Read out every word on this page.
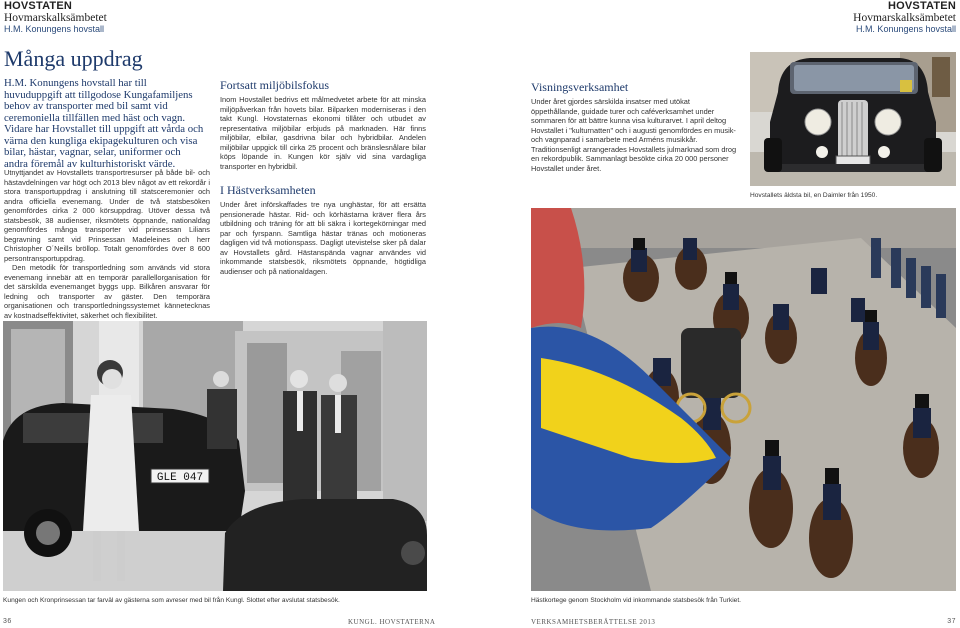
HOVSTATEN
Hovmarskalksämbetet
H.M. Konungens hovstall
HOVSTATEN
Hovmarskalksämbetet
H.M. Konungens hovstall
Många uppdrag
H.M. Konungens hovstall har till huvuduppgift att tillgodose Kungafamiljens behov av transporter med bil samt vid ceremoniella tillfällen med häst och vagn. Vidare har Hovstallet till uppgift att vårda och värna den kungliga ekipagekulturen och visa bilar, hästar, vagnar, selar, uniformer och andra föremål av kulturhistoriskt värde.

Utnyttjandet av Hovstallets transportresurser på både bil- och hästavdelningen var högt och 2013 blev något av ett rekordår i stora transportuppdrag i anslutning till statsceremonier och andra officiella evenemang. Under de två statsbesöken genomfördes cirka 2 000 körsuppdrag. Utöver dessa två statsbesök, 38 audienser, riksmötets öppnande, nationaldag genomfördes många transporter vid prinsessan Lilians begravning samt vid Prinsessan Madeleines och herr Christopher O´Neills bröllop. Totalt genomfördes över 8 600 persontransportuppdrag.

Den metodik för transportledning som används vid stora evenemang innebär att en temporär parallellorganisation för det särskilda evenemanget byggs upp. Bilkåren ansvarar för ledning och transporter av gäster. Den temporära organisationen och transportledningssystemet kännetecknas av kostnadseffektivitet, säkerhet och flexibilitet.

Fortsatt miljöbilsfokus
Inom Hovstallet bedrivs ett målmedvetet arbete för att minska miljöpåverkan från hovets bilar. Bilparken moderniseras i den takt Kungl. Hovstaternas ekonomi tillåter och utbudet av representativa miljöbilar erbjuds på marknaden. Här finns miljöbilar, elbilar, gasdrivna bilar och hybridbilar. Andelen miljöbilar uppgick till cirka 25 procent och bränslesnålare bilar köps löpande in. Kungen kör själv vid sina vardagliga transporter en hybridbil.
I Hästverksamheten
Under året införskaffades tre nya unghästar, för att ersätta pensionerade hästar. Rid- och körhästarna kräver flera års utbildning och träning för att bli säkra i kortegekörningar med par och fyrspann. Samtliga hästar tränas och motioneras dagligen vid två motionspass. Dagligt utevistelse sker på dalar av Hovstallets gård. Hästanspända vagnar användes vid inkommande statsbesök, riksmötets öppnande, högtidliga audienser och på nationaldagen.
Visningsverksamhet
Under året gjordes särskilda insatser med utökat öppethållande, guidade turer och caféverksamhet under sommaren för att bättre kunna visa kulturarvet. I april deltog Hovstallet i "kulturnatten" och i augusti genomfördes en musik- och vagnparad i samarbete med Arméns musikkår. Traditionsenligt arrangerades Hovstallets julmarknad som drog en rekordpublik. Sammanlagt besökte cirka 20 000 personer Hovstallet under året.
Hovstallets äldsta bil, en Daimler från 1950.
GLE 047
Kungen och Kronprinsessan tar farväl av gästerna som avreser med bil från Kungl. Slottet efter avslutat statsbesök.	Hästkortege genom Stockholm vid inkommande statsbesök från Turkiet.
36	KUNGL. HOVSTATERNA	VERKSAMHETSBERÄTTELSE 2013	37
